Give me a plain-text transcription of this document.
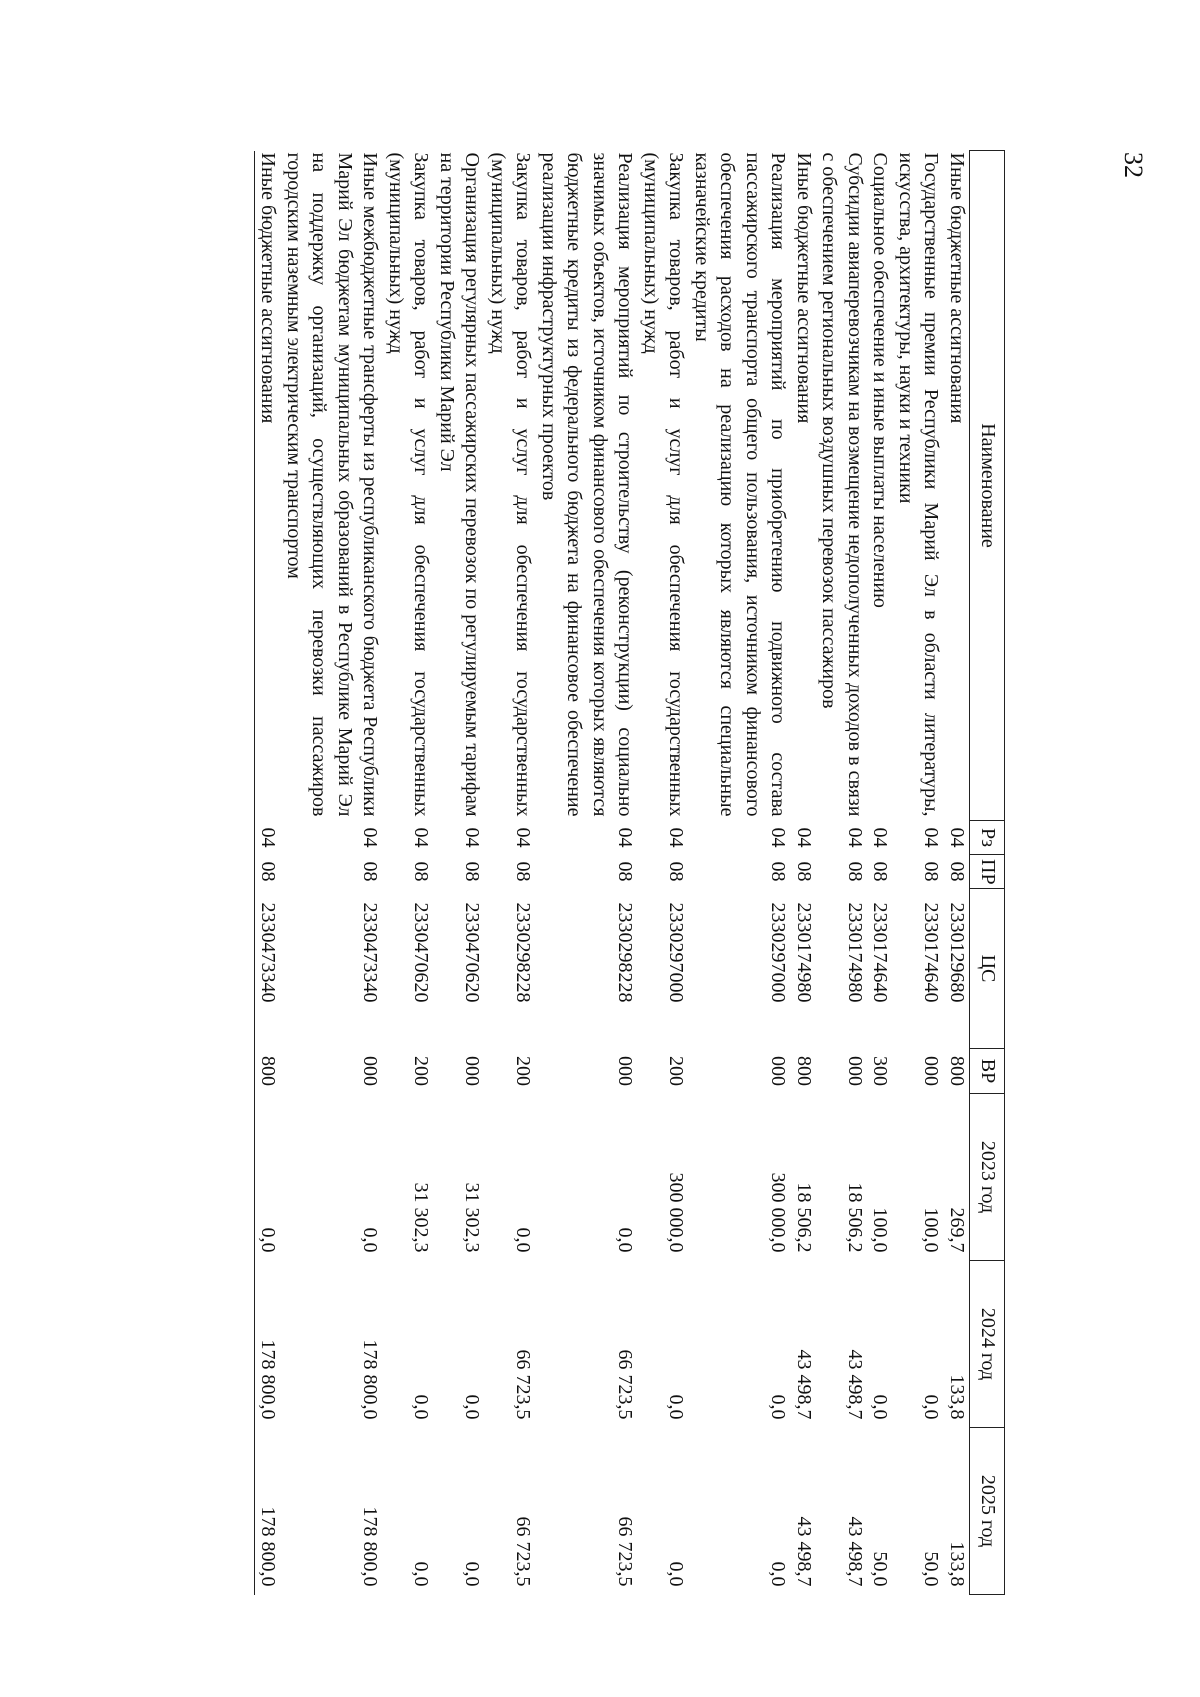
32
Наименование	Рз	ПР	ЦС	ВР	2023 год	2024 год	2025 год
Иные бюджетные ассигнования	04	08	2330129680	800	269,7	133,8	133,8
Государственные премии Республики Марий Эл в области литературы, искусства, архитектуры, науки и техники	04	08	2330174640	000	100,0	0,0	50,0
Социальное обеспечение и иные выплаты населению	04	08	2330174640	300	100,0	0,0	50,0
Субсидии авиаперевозчикам на возмещение недополученных доходов в связи с обеспечением региональных воздушных перевозок пассажиров	04	08	2330174980	000	18 506,2	43 498,7	43 498,7
Иные бюджетные ассигнования	04	08	2330174980	800	18 506,2	43 498,7	43 498,7
Реализация мероприятий по приобретению подвижного состава пассажирского транспорта общего пользования, источником финансового обеспечения расходов на реализацию которых являются специальные казначейские кредиты	04	08	2330297000	000	300 000,0	0,0	0,0
Закупка товаров, работ и услуг для обеспечения государственных (муниципальных) нужд	04	08	2330297000	200	300 000,0	0,0	0,0
Реализация мероприятий по строительству (реконструкции) социально значимых объектов, источником финансового обеспечения которых являются бюджетные кредиты из федерального бюджета на финансовое обеспечение реализации инфраструктурных проектов	04	08	2330298228	000	0,0	66 723,5	66 723,5
Закупка товаров, работ и услуг для обеспечения государственных (муниципальных) нужд	04	08	2330298228	200	0,0	66 723,5	66 723,5
Организация регулярных пассажирских перевозок по регулируемым тарифам на территории Республики Марий Эл	04	08	2330470620	000	31 302,3	0,0	0,0
Закупка товаров, работ и услуг для обеспечения государственных (муниципальных) нужд	04	08	2330470620	200	31 302,3	0,0	0,0
Иные межбюджетные трансферты из республиканского бюджета Республики Марий Эл бюджетам муниципальных образований в Республике Марий Эл на поддержку организаций, осуществляющих перевозки пассажиров городским наземным электрическим транспортом	04	08	2330473340	000	0,0	178 800,0	178 800,0
Иные бюджетные ассигнования	04	08	2330473340	800	0,0	178 800,0	178 800,0
